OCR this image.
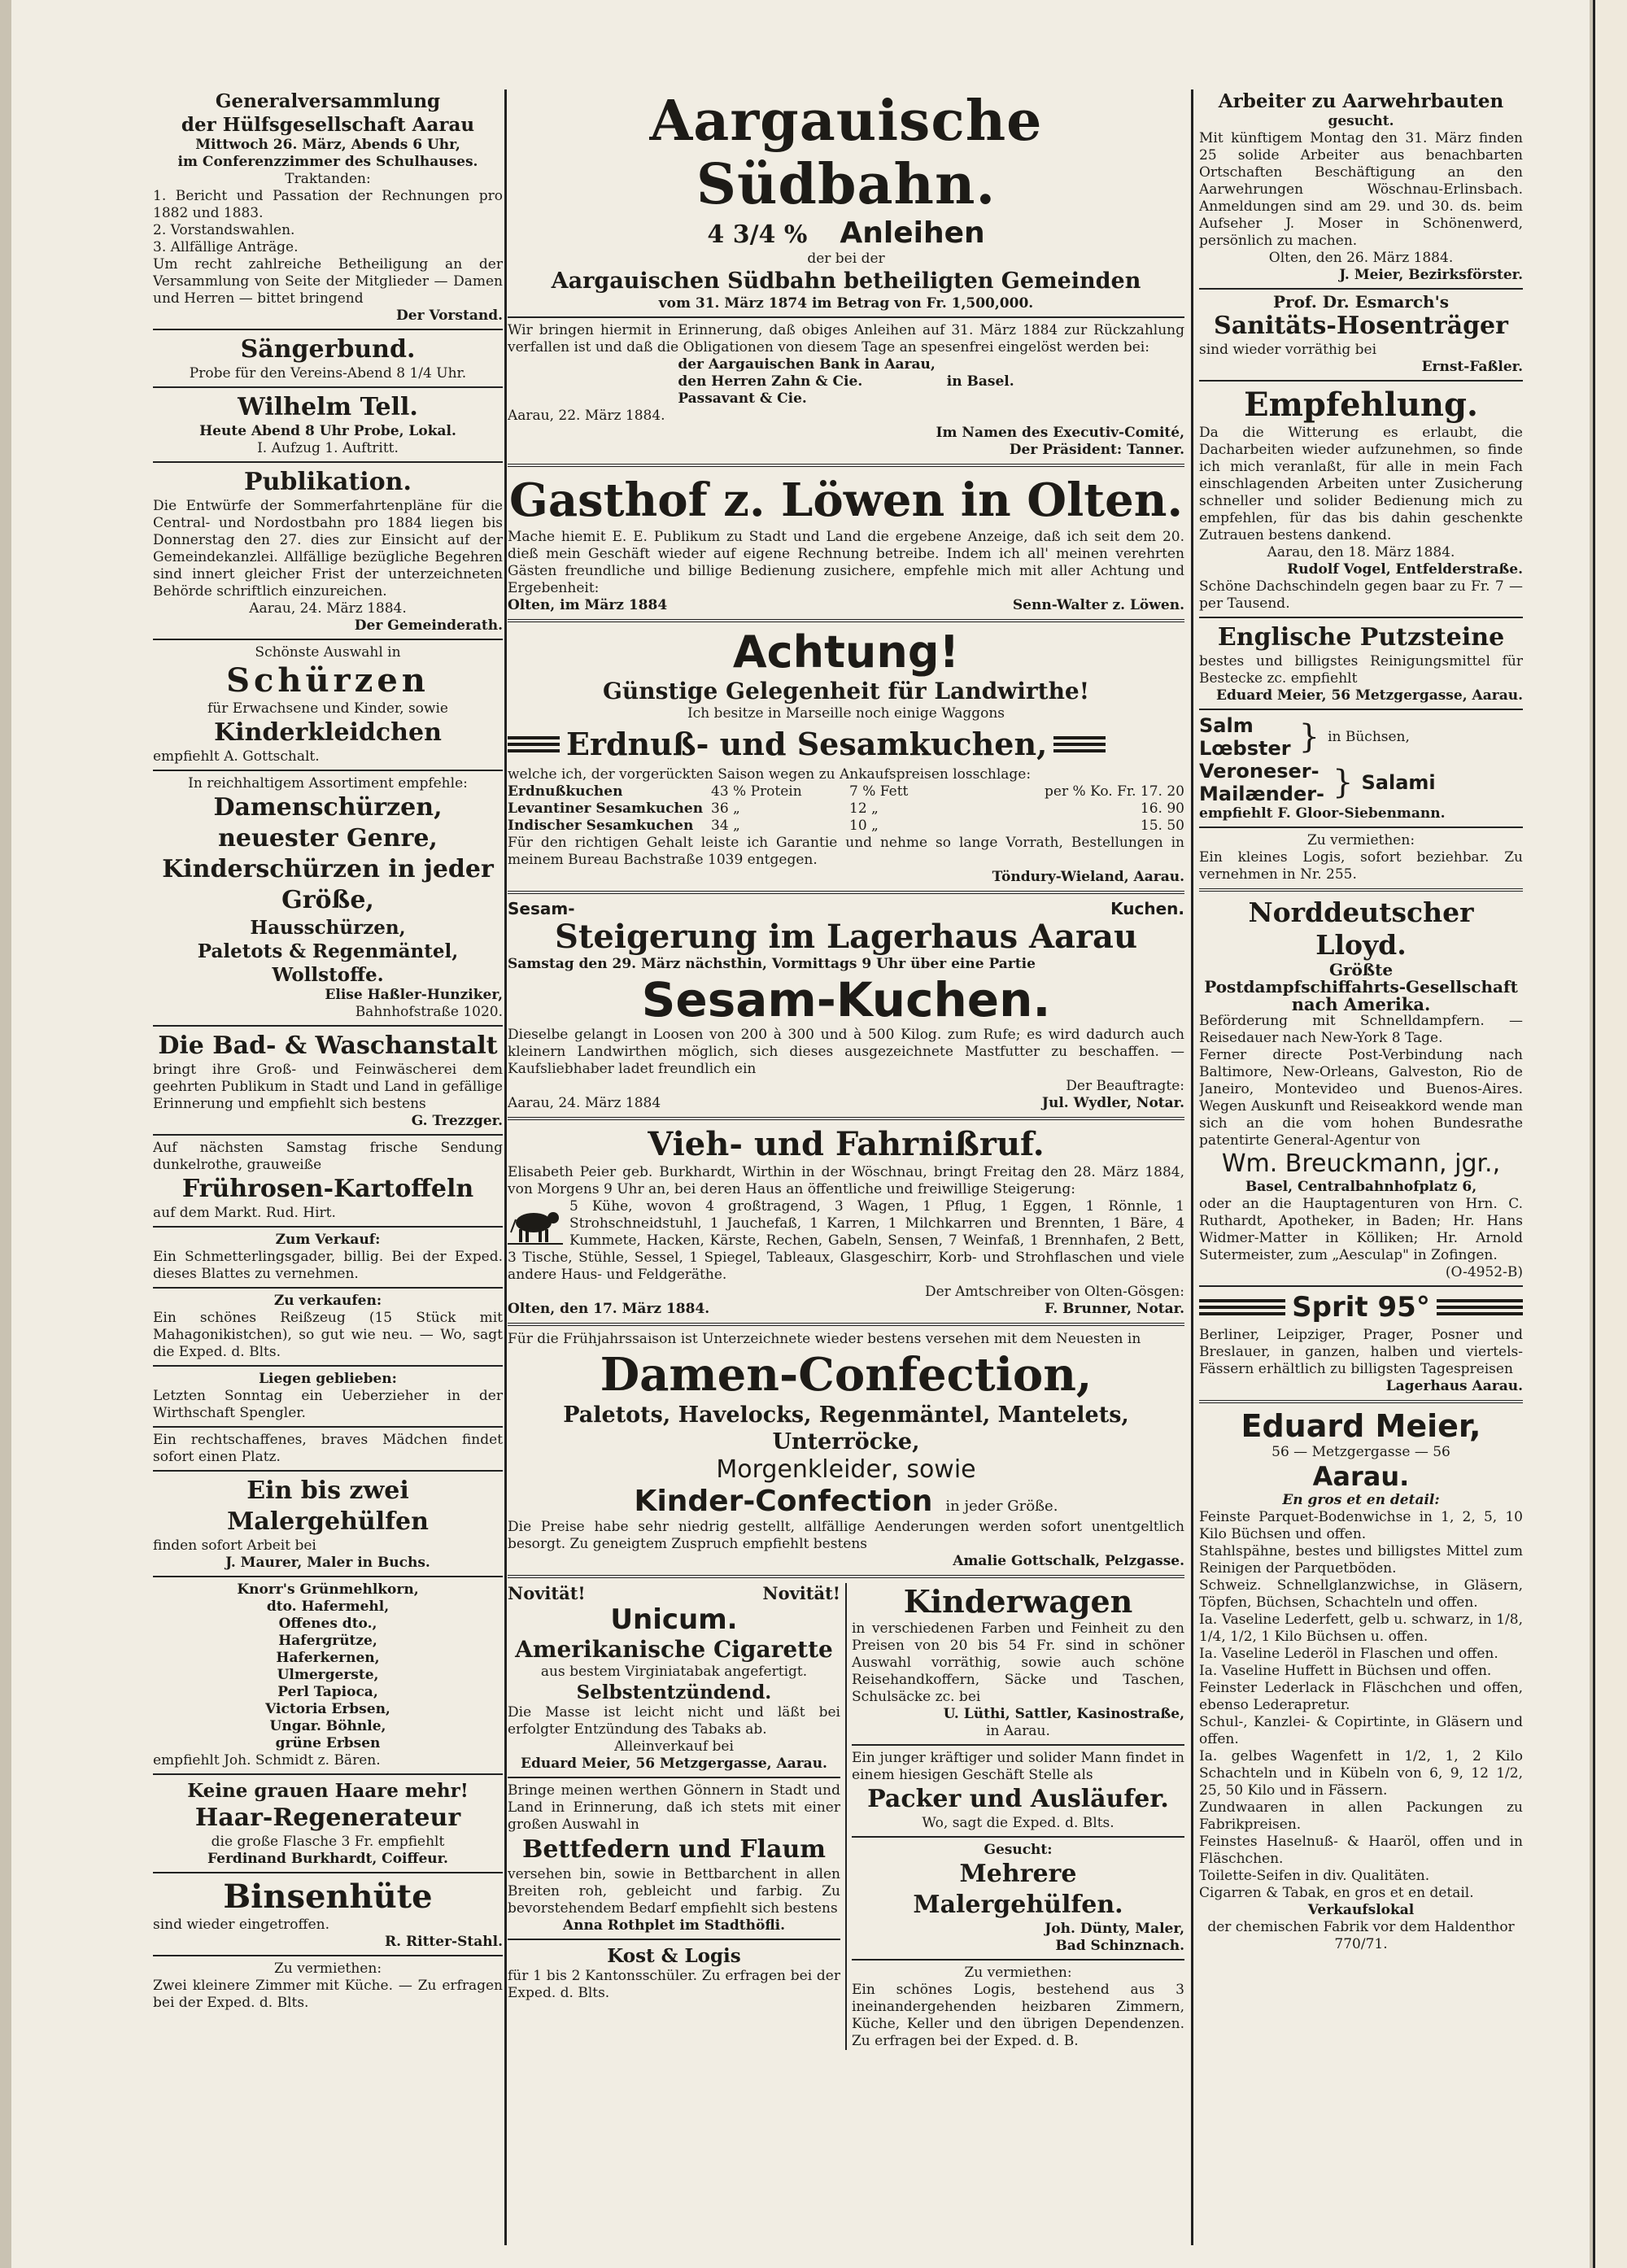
Generalversammlung
der Hülfsgesellschaft Aarau

Mittwoch 26. März, Abends 6 Uhr,

im Conferenzzimmer des Schulhauses.

Traktanden:

1. Bericht und Passation der Rechnungen pro 1882 und 1883.

2. Vorstandswahlen.

3. Allfällige Anträge.

Um recht zahlreiche Betheiligung an der Versammlung von Seite der Mitglieder — Damen und Herren — bittet bringend

Der Vorstand.

Sängerbund.

Probe für den Vereins-Abend 8 1/4 Uhr.

Wilhelm Tell.

Heute Abend 8 Uhr Probe, Lokal.

I. Aufzug 1. Auftritt.

Publikation.

Die Entwürfe der Sommerfahrtenpläne für die Central- und Nordostbahn pro 1884 liegen bis Donnerstag den 27. dies zur Einsicht auf der Gemeindekanzlei. Allfällige bezügliche Begehren sind innert gleicher Frist der unterzeichneten Behörde schriftlich einzureichen.

Aarau, 24. März 1884.

Der Gemeinderath.

Schönste Auswahl in

Schürzen

für Erwachsene und Kinder, sowie

Kinderkleidchen

empfiehlt A. Gottschalt.

In reichhaltigem Assortiment empfehle:

Damenschürzen, neuester Genre,
Kinderschürzen in jeder Größe,
Hausschürzen,
Paletots & Regenmäntel,
Wollstoffe.

Elise Haßler-Hunziker,

Bahnhofstraße 1020.

Die Bad- & Waschanstalt

bringt ihre Groß- und Feinwäscherei dem geehrten Publikum in Stadt und Land in gefällige Erinnerung und empfiehlt sich bestens

G. Trezzger.

Auf nächsten Samstag frische Sendung dunkelrothe, grauweiße

Frührosen-Kartoffeln

auf dem Markt. Rud. Hirt.

Zum Verkauf:

Ein Schmetterlingsgader, billig. Bei der Exped. dieses Blattes zu vernehmen.

Zu verkaufen:

Ein schönes Reißzeug (15 Stück mit Mahagonikistchen), so gut wie neu. — Wo, sagt die Exped. d. Blts.

Liegen geblieben:

Letzten Sonntag ein Ueberzieher in der Wirthschaft Spengler.

Ein rechtschaffenes, braves Mädchen findet sofort einen Platz.

Ein bis zwei Malergehülfen

finden sofort Arbeit bei

J. Maurer, Maler in Buchs.

Knorr's Grünmehlkorn,

dto. Hafermehl,

Offenes dto.,

Hafergrütze,

Haferkernen,

Ulmergerste,

Perl Tapioca,

Victoria Erbsen,

Ungar. Böhnle,

grüne Erbsen

empfiehlt Joh. Schmidt z. Bären.

Keine grauen Haare mehr!
Haar-Regenerateur

die große Flasche 3 Fr. empfiehlt

Ferdinand Burkhardt, Coiffeur.

Binsenhüte

sind wieder eingetroffen.

R. Ritter-Stahl.

Zu vermiethen:

Zwei kleinere Zimmer mit Küche. — Zu erfragen bei der Exped. d. Blts.

Aargauische Südbahn.
4 3/4 % Anleihen

der bei der

Aargauischen Südbahn betheiligten Gemeinden

vom 31. März 1874 im Betrag von Fr. 1,500,000.

Wir bringen hiermit in Erinnerung, daß obiges Anleihen auf 31. März 1884 zur Rückzahlung verfallen ist und daß die Obligationen von diesem Tage an spesenfrei eingelöst werden bei:

der Aargauischen Bank in Aarau,

den Herren Zahn & Cie.

Passavant & Cie.

in Basel.

Aarau, 22. März 1884.

Im Namen des Executiv-Comité,

Der Präsident: Tanner.

Gasthof z. Löwen in Olten.

Mache hiemit E. E. Publikum zu Stadt und Land die ergebene Anzeige, daß ich seit dem 20. dieß mein Geschäft wieder auf eigene Rechnung betreibe. Indem ich all' meinen verehrten Gästen freundliche und billige Bedienung zusichere, empfehle mich mit aller Achtung und Ergebenheit:

Olten, im März 1884	Senn-Walter z. Löwen.

Achtung!
Günstige Gelegenheit für Landwirthe!

Ich besitze in Marseille noch einige Waggons

Erdnuß- und Sesamkuchen,

welche ich, der vorgerückten Saison wegen zu Ankaufspreisen losschlage:

Erdnußkuchen	43 % Protein	7 % Fett	per % Ko. Fr. 17. 20
Levantiner Sesamkuchen 36 „	12 „	16. 90
Indischer Sesamkuchen	34 „	10 „	15. 50

Für den richtigen Gehalt leiste ich Garantie und nehme so lange Vorrath, Bestellungen in meinem Bureau Bachstraße 1039 entgegen.

Töndury-Wieland, Aarau.

Sesam-	Kuchen.
Steigerung im Lagerhaus Aarau

Samstag den 29. März nächsthin, Vormittags 9 Uhr über eine Partie

Sesam-Kuchen.

Dieselbe gelangt in Loosen von 200 à 300 und à 500 Kilog. zum Rufe; es wird dadurch auch kleinern Landwirthen möglich, sich dieses ausgezeichnete Mastfutter zu beschaffen. — Kaufsliebhaber ladet freundlich ein

Der Beauftragte:

Aarau, 24. März 1884	Jul. Wydler, Notar.

Vieh- und Fahrnißruf.

Elisabeth Peier geb. Burkhardt, Wirthin in der Wöschnau, bringt Freitag den 28. März 1884, von Morgens 9 Uhr an, bei deren Haus an öffentliche und freiwillige Steigerung:

5 Kühe, wovon 4 großtragend, 3 Wagen, 1 Pflug, 1 Eggen, 1 Rönnle, 1 Strohschneidstuhl, 1 Jauchefaß, 1 Karren, 1 Milchkarren und Brennten, 1 Bäre, 4 Kummete, Hacken, Kärste, Rechen, Gabeln, Sensen, 7 Weinfaß, 1 Brennhafen, 2 Bett, 3 Tische, Stühle, Sessel, 1 Spiegel, Tableaux, Glasgeschirr, Korb- und Strohflaschen und viele andere Haus- und Feldgeräthe.

Der Amtschreiber von Olten-Gösgen:

Olten, den 17. März 1884.	F. Brunner, Notar.

Für die Frühjahrssaison ist Unterzeichnete wieder bestens versehen mit dem Neuesten in

Damen-Confection,
Paletots, Havelocks, Regenmäntel, Mantelets, Unterröcke,
Morgenkleider, sowie
Kinder-Confection in jeder Größe.

Die Preise habe sehr niedrig gestellt, allfällige Aenderungen werden sofort unentgeltlich besorgt. Zu geneigtem Zuspruch empfiehlt bestens

Amalie Gottschalk, Pelzgasse.

Novität!	Novität!
Unicum.
Amerikanische Cigarette

aus bestem Virginiatabak angefertigt.

Selbstentzündend.

Die Masse ist leicht nicht und läßt bei erfolgter Entzündung des Tabaks ab.

Alleinverkauf bei

Eduard Meier, 56 Metzgergasse, Aarau.

Bringe meinen werthen Gönnern in Stadt und Land in Erinnerung, daß ich stets mit einer großen Auswahl in

Bettfedern und Flaum

versehen bin, sowie in Bettbarchent in allen Breiten roh, gebleicht und farbig. Zu bevorstehendem Bedarf empfiehlt sich bestens

Anna Rothplet im Stadthöfli.

Kost & Logis

für 1 bis 2 Kantonsschüler. Zu erfragen bei der Exped. d. Blts.

Kinderwagen

in verschiedenen Farben und Feinheit zu den Preisen von 20 bis 54 Fr. sind in schöner Auswahl vorräthig, sowie auch schöne Reisehandkoffern, Säcke und Taschen, Schulsäcke zc. bei

U. Lüthi, Sattler, Kasinostraße,

in Aarau.

Ein junger kräftiger und solider Mann findet in einem hiesigen Geschäft Stelle als

Packer und Ausläufer.

Wo, sagt die Exped. d. Blts.

Gesucht:

Mehrere Malergehülfen.

Joh. Dünty, Maler,

Bad Schinznach.

Zu vermiethen:

Ein schönes Logis, bestehend aus 3 ineinandergehenden heizbaren Zimmern, Küche, Keller und den übrigen Dependenzen. Zu erfragen bei der Exped. d. B.

Arbeiter zu Aarwehrbauten

gesucht.

Mit künftigem Montag den 31. März finden 25 solide Arbeiter aus benachbarten Ortschaften Beschäftigung an den Aarwehrungen Wöschnau-Erlinsbach. Anmeldungen sind am 29. und 30. ds. beim Aufseher J. Moser in Schönenwerd, persönlich zu machen.

Olten, den 26. März 1884.

J. Meier, Bezirksförster.

Prof. Dr. Esmarch's

Sanitäts-Hosenträger

sind wieder vorräthig bei

Ernst-Faßler.

Empfehlung.

Da die Witterung es erlaubt, die Dacharbeiten wieder aufzunehmen, so finde ich mich veranlaßt, für alle in mein Fach einschlagenden Arbeiten unter Zusicherung schneller und solider Bedienung mich zu empfehlen, für das bis dahin geschenkte Zutrauen bestens dankend.

Aarau, den 18. März 1884.

Rudolf Vogel, Entfelderstraße.

Schöne Dachschindeln gegen baar zu Fr. 7 — per Tausend.

Englische Putzsteine

bestes und billigstes Reinigungsmittel für Bestecke zc. empfiehlt

Eduard Meier, 56 Metzgergasse, Aarau.

Salm
Lœbster } in Büchsen,

Veroneser-
Mailænder- } Salami

empfiehlt F. Gloor-Siebenmann.

Zu vermiethen:

Ein kleines Logis, sofort beziehbar. Zu vernehmen in Nr. 255.

Norddeutscher Lloyd.

Größte

Postdampfschiffahrts-Gesellschaft

nach Amerika.

Beförderung mit Schnelldampfern. — Reisedauer nach New-York 8 Tage.

Ferner directe Post-Verbindung nach Baltimore, New-Orleans, Galveston, Rio de Janeiro, Montevideo und Buenos-Aires. Wegen Auskunft und Reiseakkord wende man sich an die vom hohen Bundesrathe patentirte General-Agentur von

Wm. Breuckmann, jgr.,

Basel, Centralbahnhofplatz 6,

oder an die Hauptagenturen von Hrn. C. Ruthardt, Apotheker, in Baden; Hr. Hans Widmer-Matter in Kölliken; Hr. Arnold Sutermeister, zum „Aesculap" in Zofingen.

(O-4952-B)

Sprit 95°

Berliner, Leipziger, Prager, Posner und Breslauer, in ganzen, halben und viertels-Fässern erhältlich zu billigsten Tagespreisen

Lagerhaus Aarau.

Eduard Meier,

56 — Metzgergasse — 56

Aarau.

En gros et en detail:

Feinste Parquet-Bodenwichse in 1, 2, 5, 10 Kilo Büchsen und offen.

Stahlspähne, bestes und billigstes Mittel zum Reinigen der Parquetböden.

Schweiz. Schnellglanzwichse, in Gläsern, Töpfen, Büchsen, Schachteln und offen.

Ia. Vaseline Lederfett, gelb u. schwarz, in 1/8, 1/4, 1/2, 1 Kilo Büchsen u. offen.

Ia. Vaseline Lederöl in Flaschen und offen.

Ia. Vaseline Huffett in Büchsen und offen.

Feinster Lederlack in Fläschchen und offen, ebenso Lederapretur.

Schul-, Kanzlei- & Copirtinte, in Gläsern und offen.

Ia. gelbes Wagenfett in 1/2, 1, 2 Kilo Schachteln und in Kübeln von 6, 9, 12 1/2, 25, 50 Kilo und in Fässern.

Zundwaaren in allen Packungen zu Fabrikpreisen.

Feinstes Haselnuß- & Haaröl, offen und in Fläschchen.

Toilette-Seifen in div. Qualitäten.

Cigarren & Tabak, en gros et en detail.

Verkaufslokal

der chemischen Fabrik vor dem Haldenthor 770/71.
